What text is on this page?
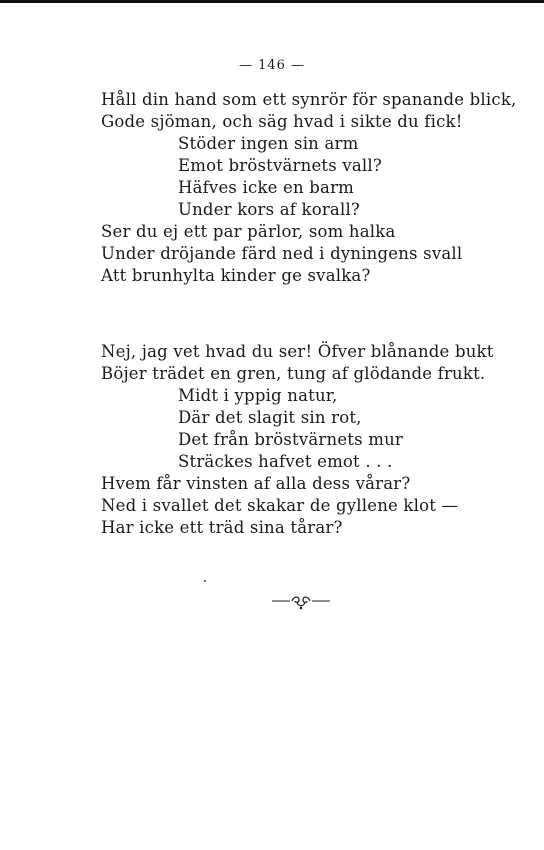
— 146 —
Håll din hand som ett synrör för spanande blick,
Gode sjöman, och säg hvad i sikte du fick!
Stöder ingen sin arm
Emot bröstvärnets vall?
Häfves icke en barm
Under kors af korall?
Ser du ej ett par pärlor, som halka
Under dröjande färd ned i dyningens svall
Att brunhylta kinder ge svalka?
Nej, jag vet hvad du ser! Öfver blånande bukt
Böjer trädet en gren, tung af glödande frukt.
Midt i yppig natur,
Där det slagit sin rot,
Det från bröstvärnets mur
Sträckes hafvet emot . . .
Hvem får vinsten af alla dess vårar?
Ned i svallet det skakar de gyllene klot —
Har icke ett träd sina tårar?
